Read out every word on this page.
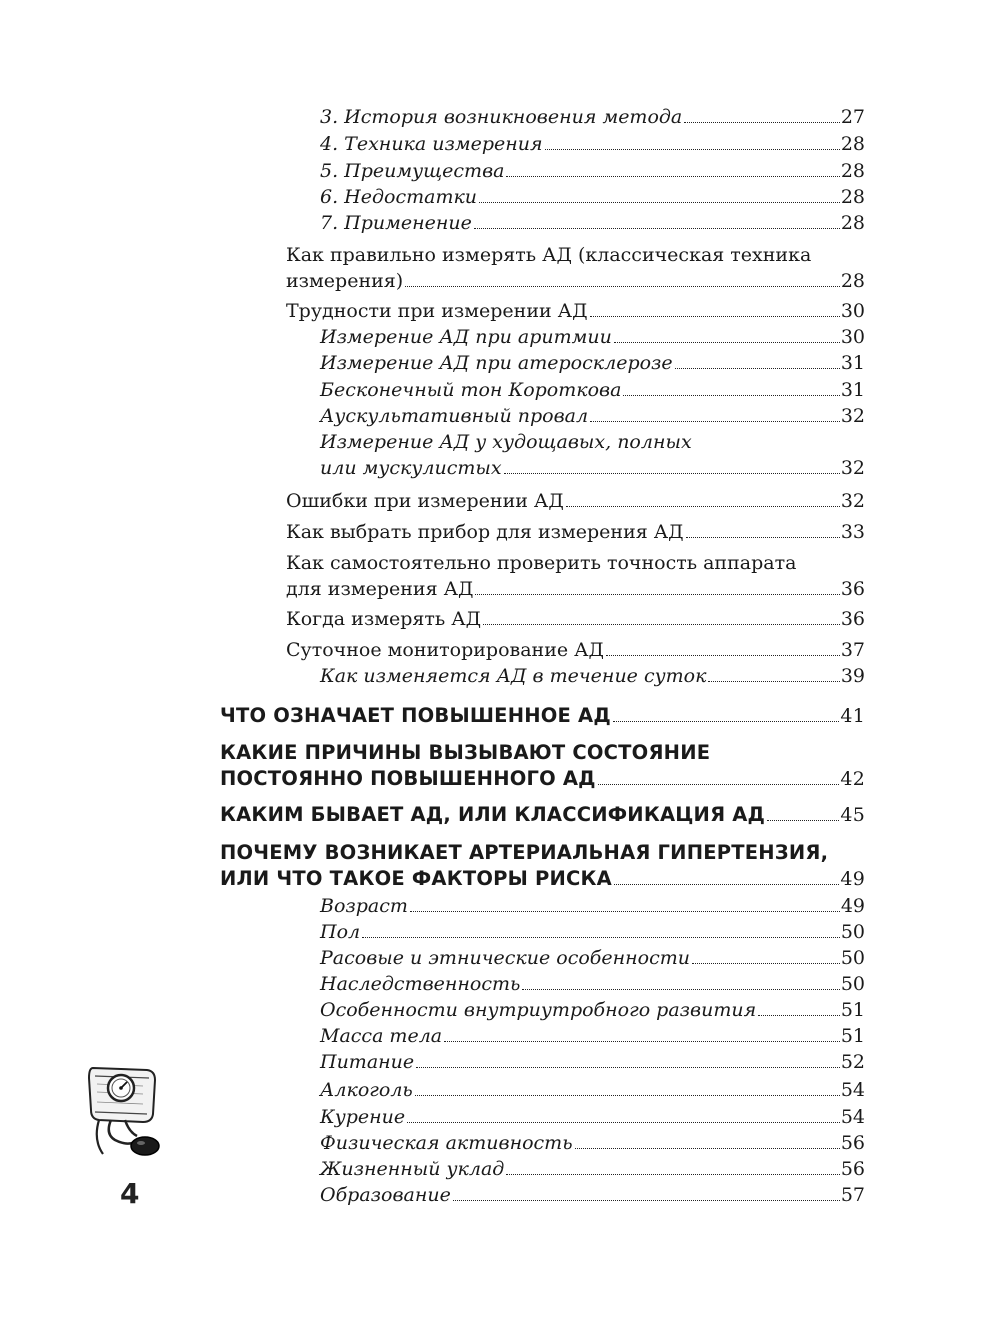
3. История возникновения метода	27
4. Техника измерения	28
5. Преимущества	28
6. Недостатки	28
7. Применение	28
Как правильно измерять АД (классическая техника
измерения)	28
Трудности при измерении АД	30
Измерение АД при аритмии	30
Измерение АД при атеросклерозе	31
Бесконечный тон Короткова	31
Аускультативный провал	32
Измерение АД у худощавых, полных
или мускулистых	32
Ошибки при измерении АД	32
Как выбрать прибор для измерения АД	33
Как самостоятельно проверить точность аппарата
для измерения АД	36
Когда измерять АД	36
Суточное мониторирование АД	37
Как изменяется АД в течение суток	39
ЧТО ОЗНАЧАЕТ ПОВЫШЕННОЕ АД	41
КАКИЕ ПРИЧИНЫ ВЫЗЫВАЮТ СОСТОЯНИЕ
ПОСТОЯННО ПОВЫШЕННОГО АД	42
КАКИМ БЫВАЕТ АД, ИЛИ КЛАССИФИКАЦИЯ АД	45
ПОЧЕМУ ВОЗНИКАЕТ АРТЕРИАЛЬНАЯ ГИПЕРТЕНЗИЯ,
ИЛИ ЧТО ТАКОЕ ФАКТОРЫ РИСКА	49
Возраст	49
Пол	50
Расовые и этнические особенности	50
Наследственность	50
Особенности внутриутробного развития	51
Масса тела	51
Питание	52
Алкоголь	54
Курение	54
Физическая активность	56
Жизненный уклад	56
Образование	57
4
